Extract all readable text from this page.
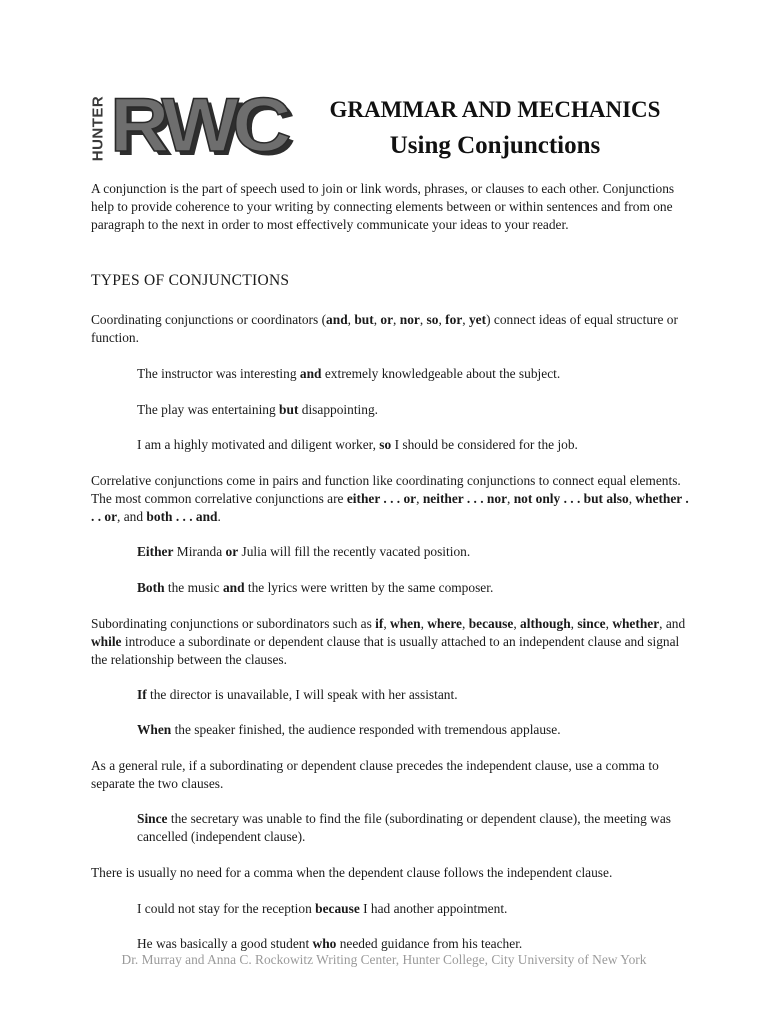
HUNTER RWC	GRAMMAR AND MECHANICS
Using Conjunctions

A conjunction is the part of speech used to join or link words, phrases, or clauses to each other. Conjunctions help to provide coherence to your writing by connecting elements between or within sentences and from one paragraph to the next in order to most effectively communicate your ideas to your reader.

TYPES OF CONJUNCTIONS

Coordinating conjunctions or coordinators (and, but, or, nor, so, for, yet) connect ideas of equal structure or function.

The instructor was interesting and extremely knowledgeable about the subject.

The play was entertaining but disappointing.

I am a highly motivated and diligent worker, so I should be considered for the job.

Correlative conjunctions come in pairs and function like coordinating conjunctions to connect equal elements. The most common correlative conjunctions are either . . . or, neither . . . nor, not only . . . but also, whether . . . or, and both . . . and.

Either Miranda or Julia will fill the recently vacated position.

Both the music and the lyrics were written by the same composer.

Subordinating conjunctions or subordinators such as if, when, where, because, although, since, whether, and while introduce a subordinate or dependent clause that is usually attached to an independent clause and signal the relationship between the clauses.

If the director is unavailable, I will speak with her assistant.

When the speaker finished, the audience responded with tremendous applause.

As a general rule, if a subordinating or dependent clause precedes the independent clause, use a comma to separate the two clauses.

Since the secretary was unable to find the file (subordinating or dependent clause), the meeting was cancelled (independent clause).

There is usually no need for a comma when the dependent clause follows the independent clause.

I could not stay for the reception because I had another appointment.

He was basically a good student who needed guidance from his teacher.

Dr. Murray and Anna C. Rockowitz Writing Center, Hunter College, City University of New York
